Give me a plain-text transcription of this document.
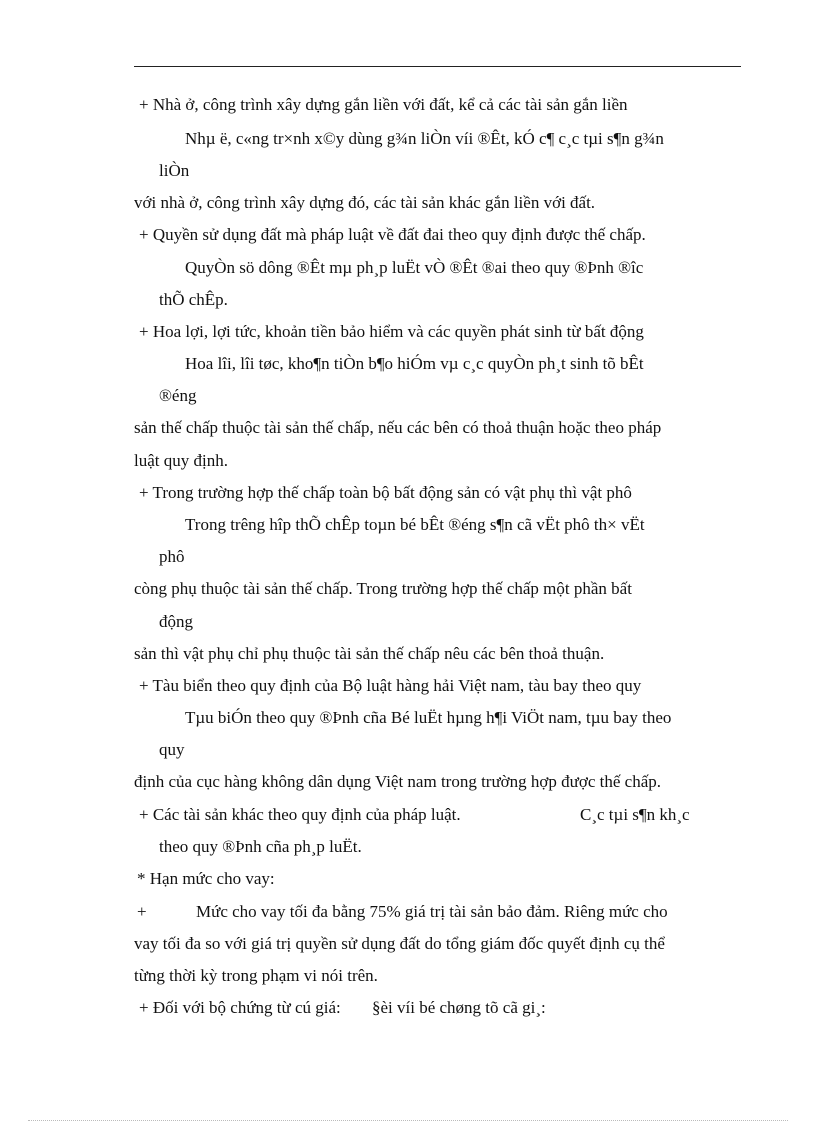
+ Nhà ở, công trình xây dựng gắn liền với đất, kể cả các tài sản gắn liền

Nhµ ë, c«ng tr×nh x©y dùng g¾n liÒn víi ®Êt, kÓ c¶ c¸c tµi s¶n g¾n

liÒn

với nhà ở, công trình xây dựng đó, các tài sản khác gắn liền với đất.

+ Quyền sử dụng đất mà pháp luật về đất đai theo quy định được thế chấp.

QuyÒn sö dông ®Êt mµ ph¸p luËt vÒ ®Êt ®ai theo quy ®Þnh ®îc

thÕ chÊp.

+ Hoa lợi, lợi tức, khoản tiền bảo hiểm và các quyền phát sinh từ bất động

Hoa lîi, lîi tøc, kho¶n tiÒn b¶o hiÓm vµ c¸c quyÒn ph¸t sinh tõ bÊt

®éng

sản thế chấp thuộc tài sản thế chấp, nếu các bên có thoả thuận hoặc theo pháp

luật quy định.

+ Trong trường hợp thế chấp toàn bộ bất động sản có vật phụ thì vật phô

Trong trêng hîp thÕ chÊp toµn bé bÊt ®éng s¶n cã vËt phô th× vËt

phô

còng phụ thuộc tài sản thế chấp. Trong trường hợp thế chấp một phần bất

động

sản thì vật phụ chỉ phụ thuộc tài sản thế chấp nêu các bên thoả thuận.

+ Tàu biển theo quy định của Bộ luật hàng hải Việt nam, tàu bay theo quy

Tµu biÓn theo quy ®Þnh cña Bé luËt hµng h¶i ViÖt nam, tµu bay theo

quy

định của cục hàng không dân dụng Việt nam trong trường hợp được thế chấp.

+ Các tài sản khác theo quy định của pháp luật.	C¸c tµi s¶n kh¸c

theo quy ®Þnh cña ph¸p luËt.

* Hạn mức cho vay:

+	Mức cho vay tối đa bằng 75% giá trị tài sản bảo đảm. Riêng mức cho

vay tối đa so với giá trị quyền sử dụng đất do tổng giám đốc quyết định cụ thể

từng thời kỳ trong phạm vi nói trên.

+ Đối với bộ chứng từ cú giá: §èi víi bé chøng tõ cã gi¸:
